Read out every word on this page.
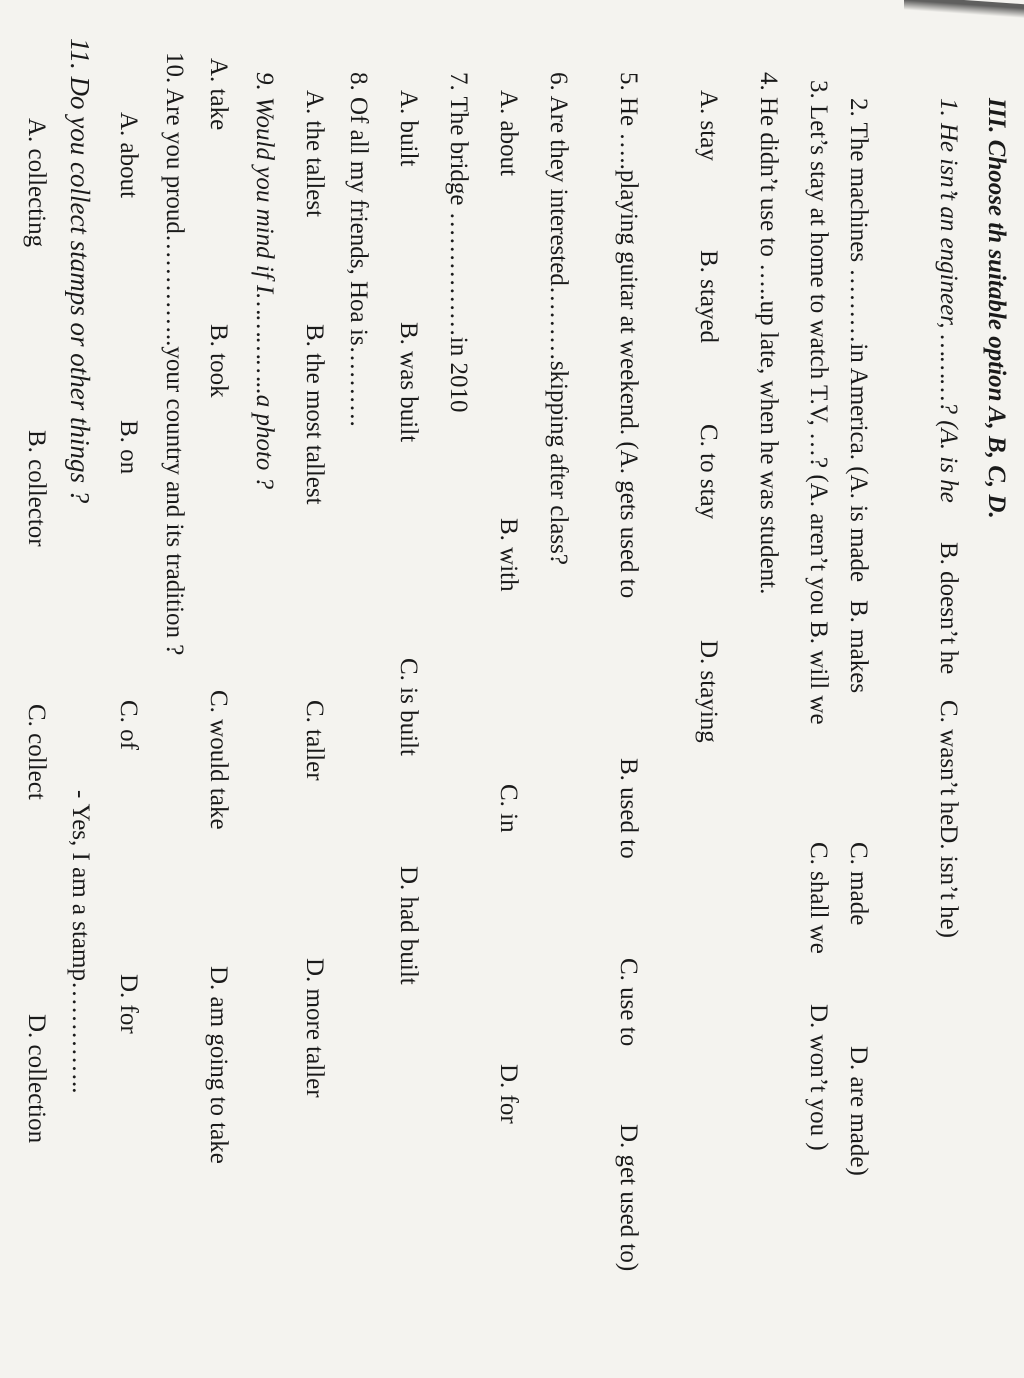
III. Choose th suitable option A, B, C, D.
1. He isn’t an engineer, ………? (A. is he
B. doesn’t he
C. wasn’t heD. isn’t he)
2. The machines ………in America. (A. is made
B. makes
C. made
D. are made)
3. Let’s stay at home to watch T.V, …? (A. aren’t you B. will we
C. shall we
D. won’t you )
4. He didn’t use to …..up late, when he was student.
A. stay
B. stayed
C. to stay
D. staying
5. He …..playing guitar at weekend. (A. gets used to
B. used to
C. use to
D. get used to)
6. Are they interested………skipping after class?
A. about
B. with
C. in
D. for
7. The bridge ……………in 2010
A. built
B. was built
C. is built
D. had built
8. Of all my friends, Hoa is……….
A. the tallest
B. the most tallest
C. taller
D. more taller
9. Would you mind if I…………..a photo ?
A. take
B. took
C. would take
D. am going to take
10. Are you proud…………..your country and its tradition ?
A. about
B. on
C. of
D. for
11. Do you collect stamps or other things ?
- Yes, I am a stamp…………..
A. collecting
B. collector
C. collect
D. collection
